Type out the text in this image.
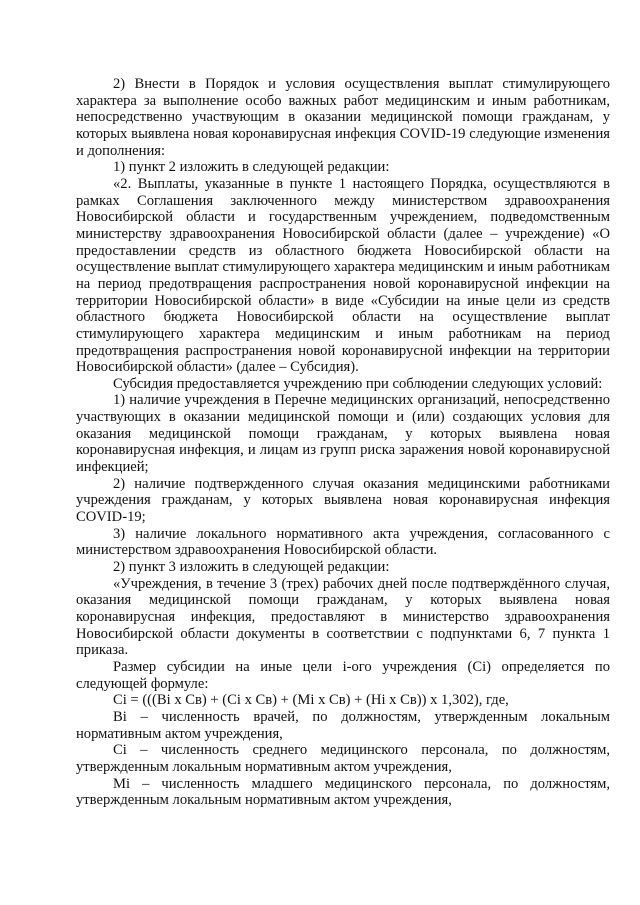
2) Внести в Порядок и условия осуществления выплат стимулирующего характера за выполнение особо важных работ медицинским и иным работникам, непосредственно участвующим в оказании медицинской помощи гражданам, у которых выявлена новая коронавирусная инфекция COVID-19 следующие изменения и дополнения:

1) пункт 2 изложить в следующей редакции:

«2. Выплаты, указанные в пункте 1 настоящего Порядка, осуществляются в рамках Соглашения заключенного между министерством здравоохранения Новосибирской области и государственным учреждением, подведомственным министерству здравоохранения Новосибирской области (далее – учреждение) «О предоставлении средств из областного бюджета Новосибирской области на осуществление выплат стимулирующего характера медицинским и иным работникам на период предотвращения распространения новой коронавирусной инфекции на территории Новосибирской области» в виде «Субсидии на иные цели из средств областного бюджета Новосибирской области на осуществление выплат стимулирующего характера медицинским и иным работникам на период предотвращения распространения новой коронавирусной инфекции на территории Новосибирской области» (далее – Субсидия).

Субсидия предоставляется учреждению при соблюдении следующих условий:

1) наличие учреждения в Перечне медицинских организаций, непосредственно участвующих в оказании медицинской помощи и (или) создающих условия для оказания медицинской помощи гражданам, у которых выявлена новая коронавирусная инфекция, и лицам из групп риска заражения новой коронавирусной инфекцией;

2) наличие подтвержденного случая оказания медицинскими работниками учреждения гражданам, у которых выявлена новая коронавирусная инфекция COVID-19;

3) наличие локального нормативного акта учреждения, согласованного с министерством здравоохранения Новосибирской области.

2) пункт 3 изложить в следующей редакции:

«Учреждения, в течение 3 (трех) рабочих дней после подтверждённого случая, оказания медицинской помощи гражданам, у которых выявлена новая коронавирусная инфекция, предоставляют в министерство здравоохранения Новосибирской области документы в соответствии с подпунктами 6, 7 пункта 1 приказа.

Размер субсидии на иные цели i-ого учреждения (Ci) определяется по следующей формуле:

Ci = (((Bi x Св) + (Ci x Св) + (Mi x Св) + (Hi x Св)) x 1,302), где,

Bi – численность врачей, по должностям, утвержденным локальным нормативным актом учреждения,

Ci – численность среднего медицинского персонала, по должностям, утвержденным локальным нормативным актом учреждения,

Mi – численность младшего медицинского персонала, по должностям, утвержденным локальным нормативным актом учреждения,
